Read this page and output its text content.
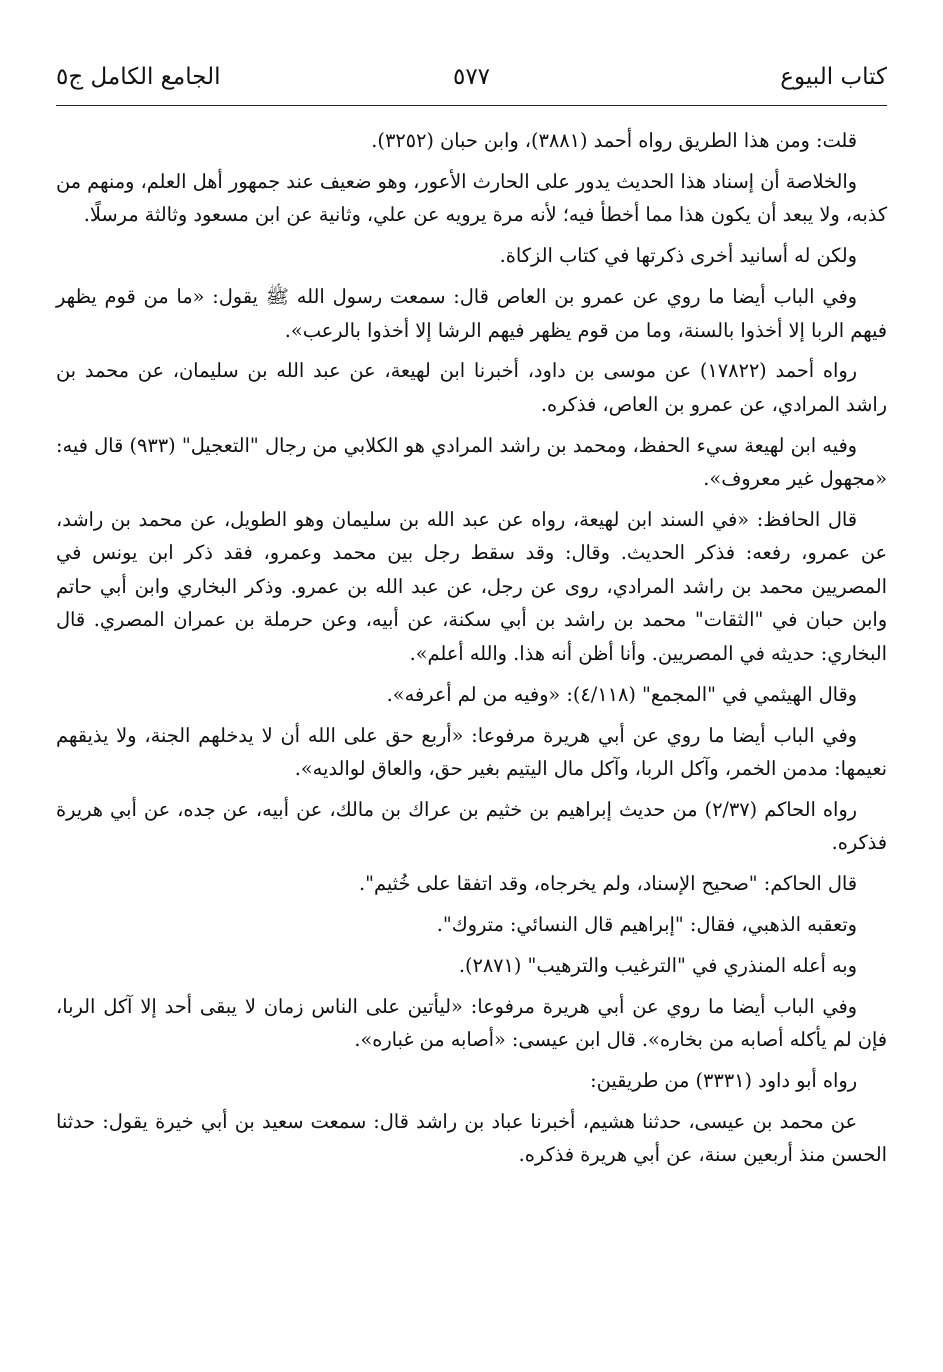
كتاب البيوع
٥٧٧
الجامع الكامل ج٥

قلت: ومن هذا الطريق رواه أحمد (٣٨٨١)، وابن حبان (٣٢٥٢).

والخلاصة أن إسناد هذا الحديث يدور على الحارث الأعور، وهو ضعيف عند جمهور أهل العلم، ومنهم من كذبه، ولا يبعد أن يكون هذا مما أخطأ فيه؛ لأنه مرة يرويه عن علي، وثانية عن ابن مسعود وثالثة مرسلًا.

ولكن له أسانيد أخرى ذكرتها في كتاب الزكاة.

وفي الباب أيضا ما روي عن عمرو بن العاص قال: سمعت رسول الله ﷺ يقول: «ما من قوم يظهر فيهم الربا إلا أخذوا بالسنة، وما من قوم يظهر فيهم الرشا إلا أخذوا بالرعب».

رواه أحمد (١٧٨٢٢) عن موسى بن داود، أخبرنا ابن لهيعة، عن عبد الله بن سليمان، عن محمد بن راشد المرادي، عن عمرو بن العاص، فذكره.

وفيه ابن لهيعة سيء الحفظ، ومحمد بن راشد المرادي هو الكلابي من رجال "التعجيل" (٩٣٣) قال فيه: «مجهول غير معروف».

قال الحافظ: «في السند ابن لهيعة، رواه عن عبد الله بن سليمان وهو الطويل، عن محمد بن راشد، عن عمرو، رفعه: فذكر الحديث. وقال: وقد سقط رجل بين محمد وعمرو، فقد ذكر ابن يونس في المصريين محمد بن راشد المرادي، روى عن رجل، عن عبد الله بن عمرو. وذكر البخاري وابن أبي حاتم وابن حبان في "الثقات" محمد بن راشد بن أبي سكنة، عن أبيه، وعن حرملة بن عمران المصري. قال البخاري: حديثه في المصريين. وأنا أظن أنه هذا. والله أعلم».

وقال الهيثمي في "المجمع" (٤/١١٨): «وفيه من لم أعرفه».

وفي الباب أيضا ما روي عن أبي هريرة مرفوعا: «أربع حق على الله أن لا يدخلهم الجنة، ولا يذيقهم نعيمها: مدمن الخمر، وآكل الربا، وآكل مال اليتيم بغير حق، والعاق لوالديه».

رواه الحاكم (٢/٣٧) من حديث إبراهيم بن خثيم بن عراك بن مالك، عن أبيه، عن جده، عن أبي هريرة فذكره.

قال الحاكم: "صحيح الإسناد، ولم يخرجاه، وقد اتفقا على خُثيم".

وتعقبه الذهبي، فقال: "إبراهيم قال النسائي: متروك".

وبه أعله المنذري في "الترغيب والترهيب" (٢٨٧١).

وفي الباب أيضا ما روي عن أبي هريرة مرفوعا: «ليأتين على الناس زمان لا يبقى أحد إلا آكل الربا، فإن لم يأكله أصابه من بخاره». قال ابن عيسى: «أصابه من غباره».

رواه أبو داود (٣٣٣١) من طريقين:

عن محمد بن عيسى، حدثنا هشيم، أخبرنا عباد بن راشد قال: سمعت سعيد بن أبي خيرة يقول: حدثنا الحسن منذ أربعين سنة، عن أبي هريرة فذكره.
